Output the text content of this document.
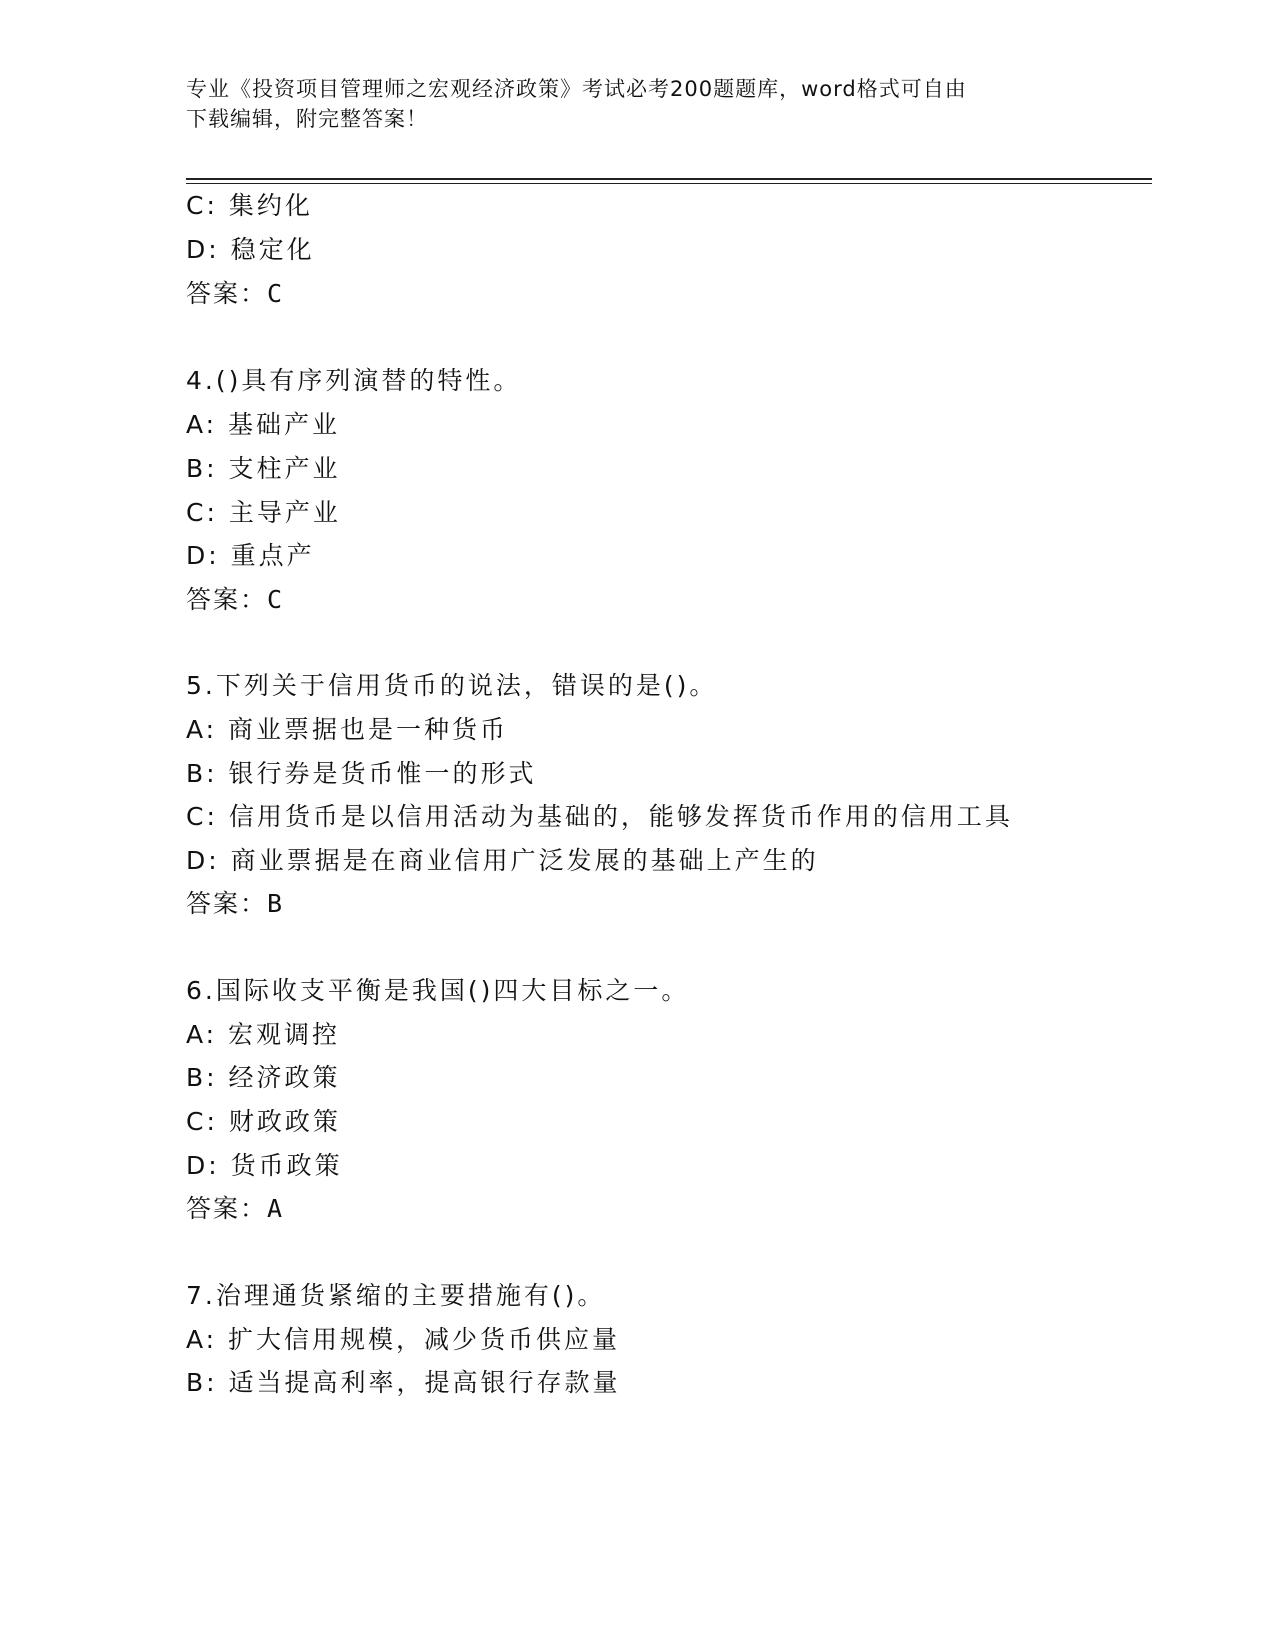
专业《投资项目管理师之宏观经济政策》考试必考200题题库，word格式可自由
下载编辑，附完整答案！
C: 集约化
D: 稳定化
答案：C
4.()具有序列演替的特性。
A: 基础产业
B: 支柱产业
C: 主导产业
D: 重点产
答案：C
5.下列关于信用货币的说法，错误的是()。
A: 商业票据也是一种货币
B: 银行券是货币惟一的形式
C: 信用货币是以信用活动为基础的，能够发挥货币作用的信用工具
D: 商业票据是在商业信用广泛发展的基础上产生的
答案：B
6.国际收支平衡是我国()四大目标之一。
A: 宏观调控
B: 经济政策
C: 财政政策
D: 货币政策
答案：A
7.治理通货紧缩的主要措施有()。
A: 扩大信用规模，减少货币供应量
B: 适当提高利率，提高银行存款量
